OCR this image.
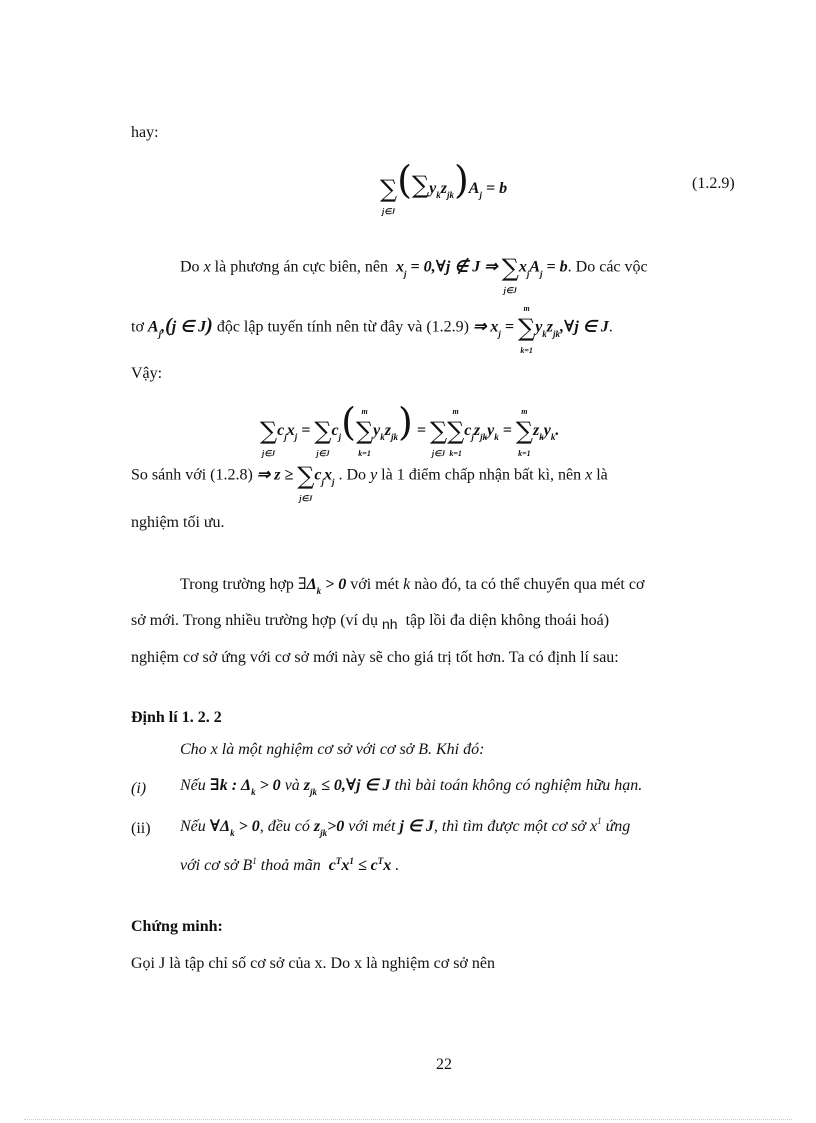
hay:
∑
j∈J
$(\sum y_kz_{jk})A_j = b$	(1.2.9)
Do x là phương án cực biên, nên $x_j$ = 0,∀j ∉ J ⇒ ∑
j∈J
$x_jA_j = b$. Do các vộc
tơ $A_j,(j$ ∈ J) độc lập tuyến tính nên từ đây và (1.2.9) ⇒ $x_j$ =
m
∑
k=1
$y_kz_{jk},\forall j$ ∈ J.
Vậy:
∑
j∈J
$c_jx_j$ = ∑
j∈J
$c_j$( m
∑
k=1
$y_kz_{jk}$) = ∑
j∈J
m
∑
k=1
$c_jz_{jk}y_k$ =
m
∑
k=1
$z_ky_k$.
So sánh với (1.2.8) ⇒ z ≥ ∑
j∈J
$c_jx_j$ . Do y là 1 điểm chấp nhận bất kì, nên x là
nghiệm tối ưu.
Trong trường hợp $\exists\Delta_k > 0$ với mét k nào đó, ta có thể chuyển qua mét cơ
sở mới. Trong nhiều trường hợp (ví dụ nh tập lồi đa diện không thoái hoá)
nghiệm cơ sở ứng với cơ sở mới này sẽ cho giá trị tốt hơn. Ta có định lí sau:
Định lí 1. 2. 2
Cho x là một nghiệm cơ sở với cơ sở B. Khi đó:
(i) Nếu ∃k : $\Delta_k > 0$ và $z_{jk}$ ≤ 0,∀j ∈ J thì bài toán không có nghiệm hữu hạn.
(ii) Nếu $\forall\Delta_k > 0$, đều có $z_{jk}>0$ với mét j ∈ J, thì tìm được một cơ sở $x^1$ ứng
với cơ sở $B^1$ thoả mãn $c^Tx^1 \le c^Tx$ .
Chứng minh:
Gọi J là tập chỉ số cơ sở của x. Do x là nghiệm cơ sở nên
22
